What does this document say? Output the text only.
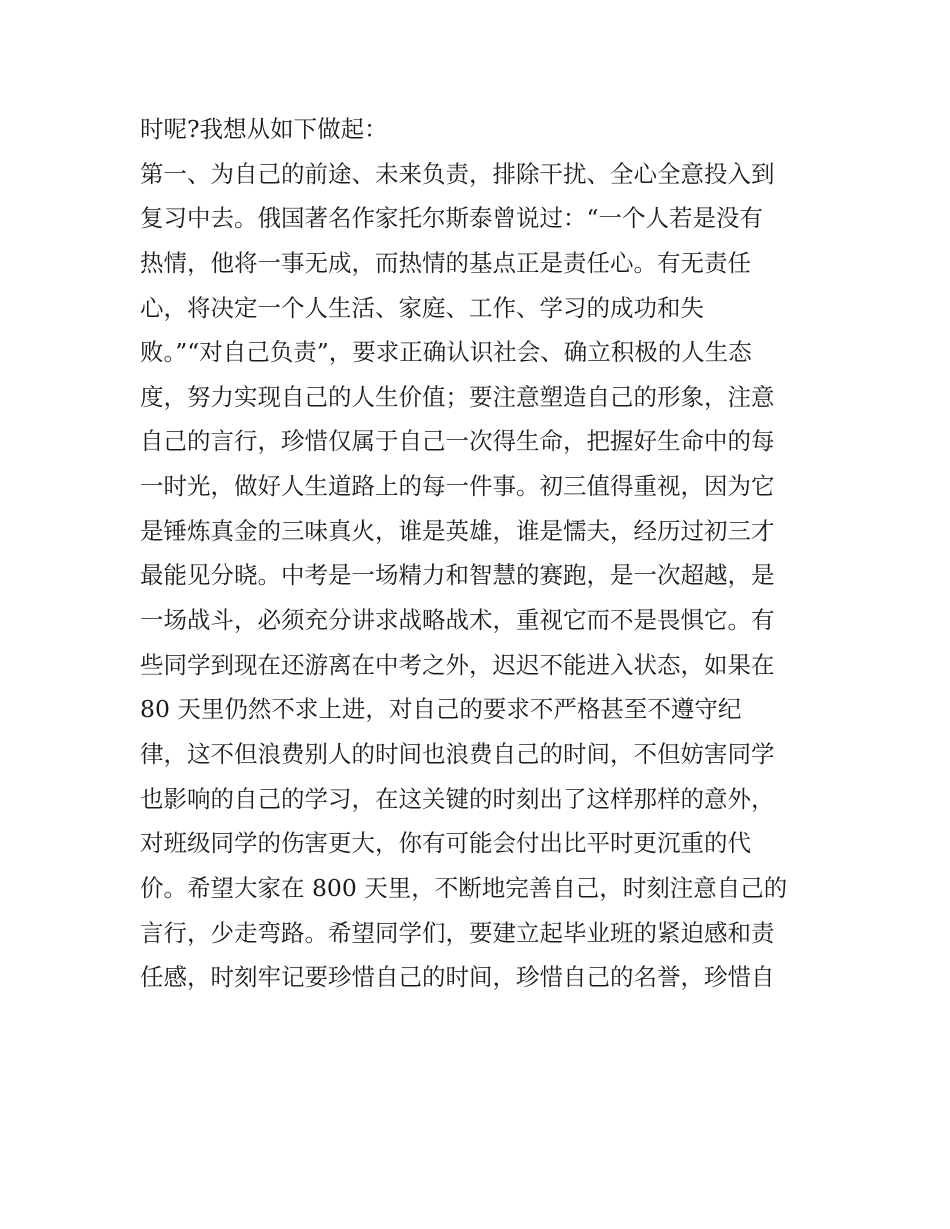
时呢?我想从如下做起：
第一、为自己的前途、未来负责，排除干扰、全心全意投入到
复习中去。俄国著名作家托尔斯泰曾说过：“一个人若是没有
热情，他将一事无成，而热情的基点正是责任心。有无责任
心，将决定一个人生活、家庭、工作、学习的成功和失
败。”“对自己负责”，要求正确认识社会、确立积极的人生态
度，努力实现自己的人生价值；要注意塑造自己的形象，注意
自己的言行，珍惜仅属于自己一次得生命，把握好生命中的每
一时光，做好人生道路上的每一件事。初三值得重视，因为它
是锤炼真金的三味真火，谁是英雄，谁是懦夫，经历过初三才
最能见分晓。中考是一场精力和智慧的赛跑，是一次超越，是
一场战斗，必须充分讲求战略战术，重视它而不是畏惧它。有
些同学到现在还游离在中考之外，迟迟不能进入状态，如果在
80 天里仍然不求上进，对自己的要求不严格甚至不遵守纪
律，这不但浪费别人的时间也浪费自己的时间，不但妨害同学
也影响的自己的学习，在这关键的时刻出了这样那样的意外，
对班级同学的伤害更大，你有可能会付出比平时更沉重的代
价。希望大家在 800 天里，不断地完善自己，时刻注意自己的
言行，少走弯路。希望同学们，要建立起毕业班的紧迫感和责
任感，时刻牢记要珍惜自己的时间，珍惜自己的名誉，珍惜自
